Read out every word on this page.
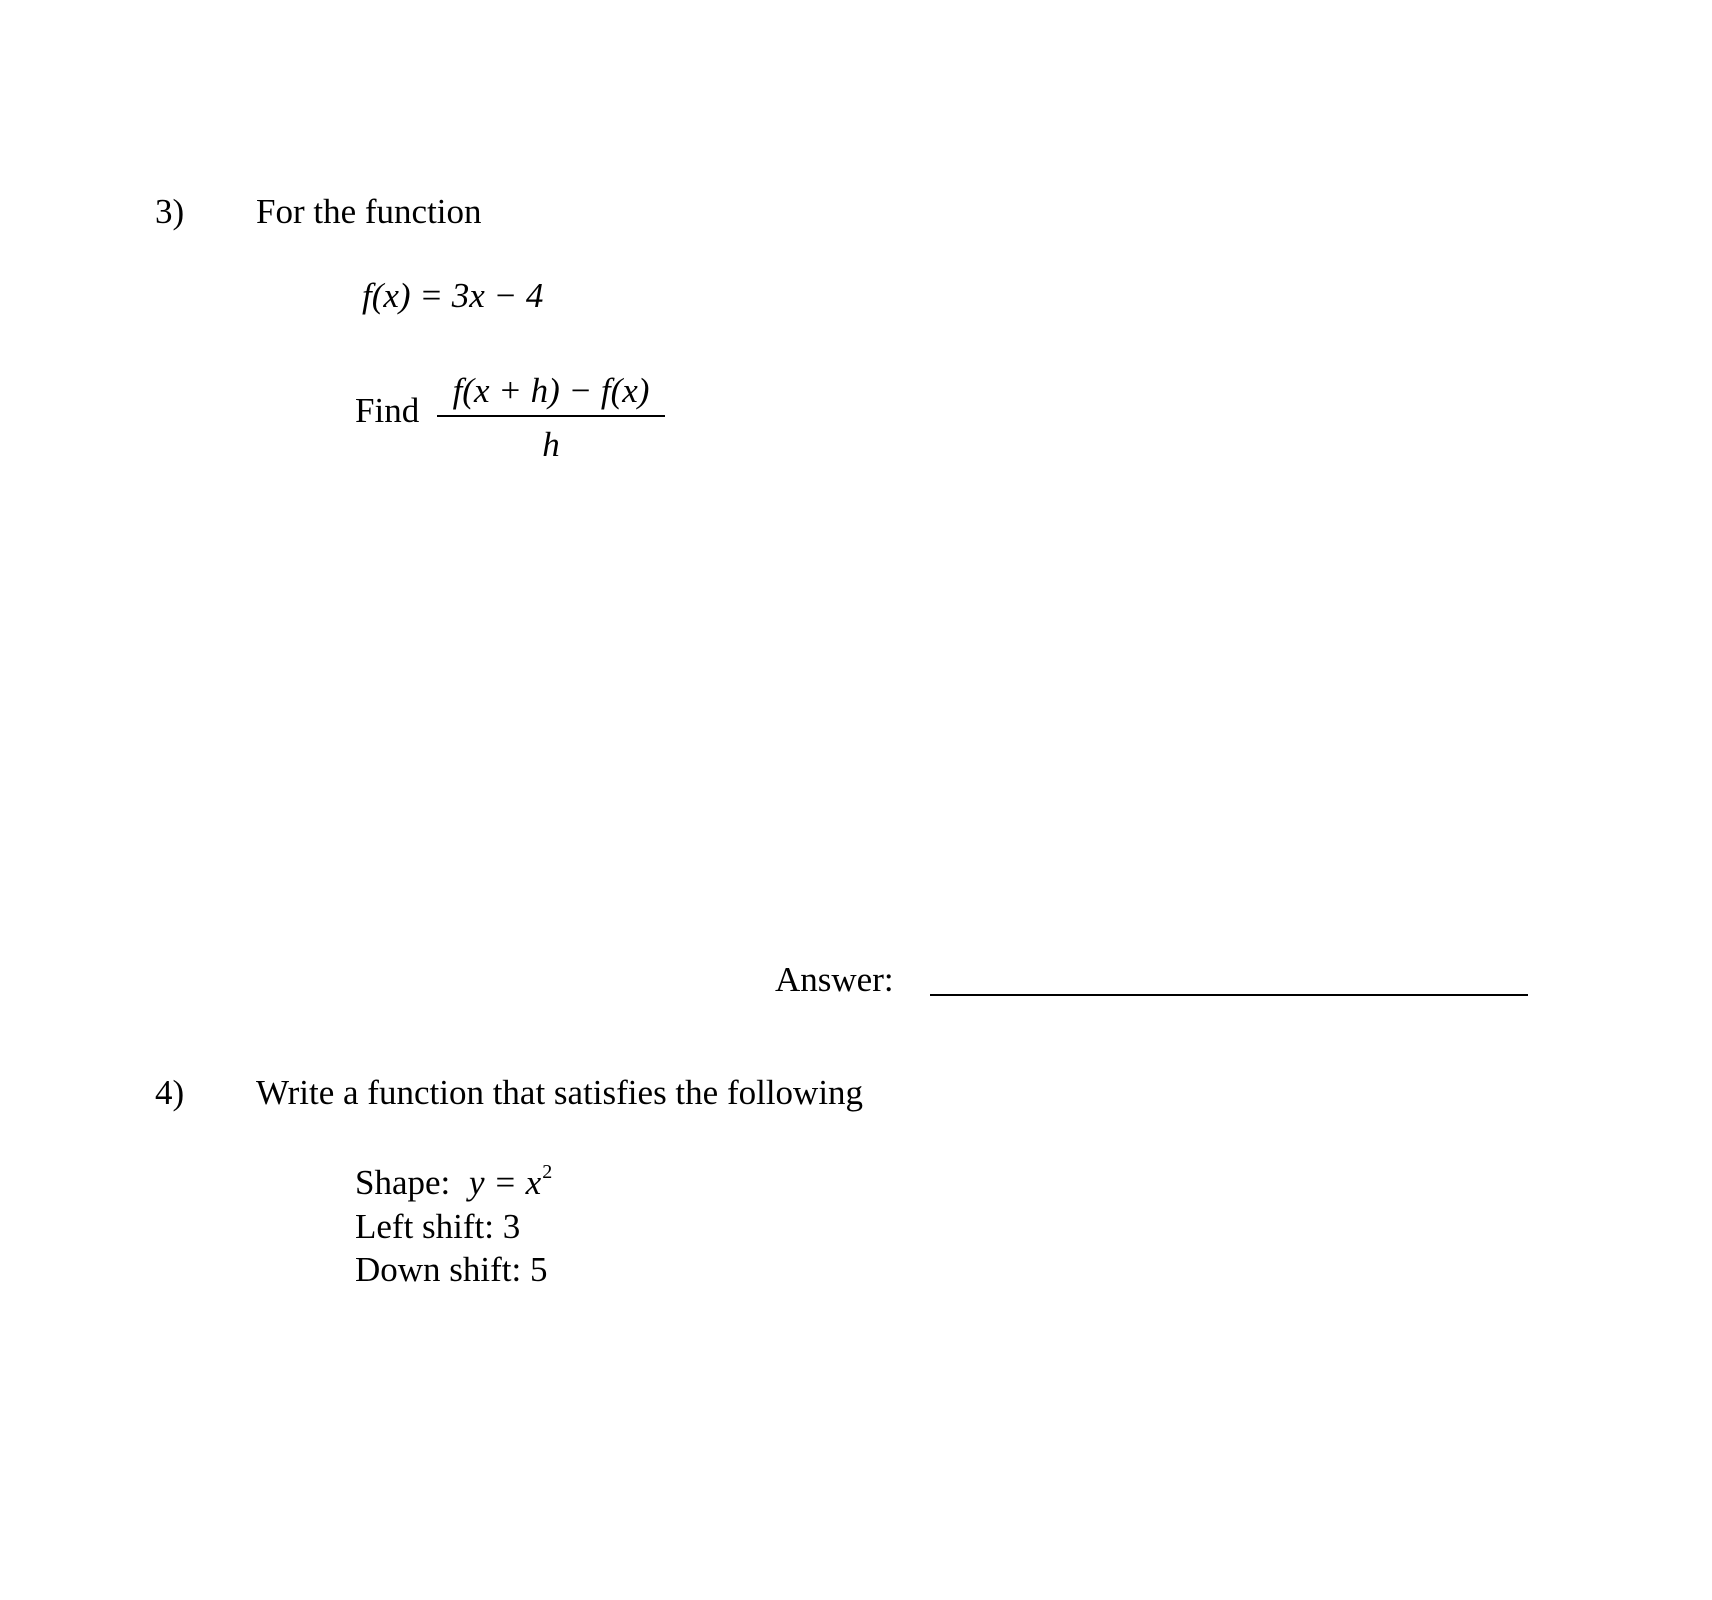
3) For the function
f(x) = 3x − 4
Find
f(x + h) − f(x)
h
Answer:
4) Write a function that satisfies the following
Shape: $y = x^2$
Left shift: 3
Down shift: 5
